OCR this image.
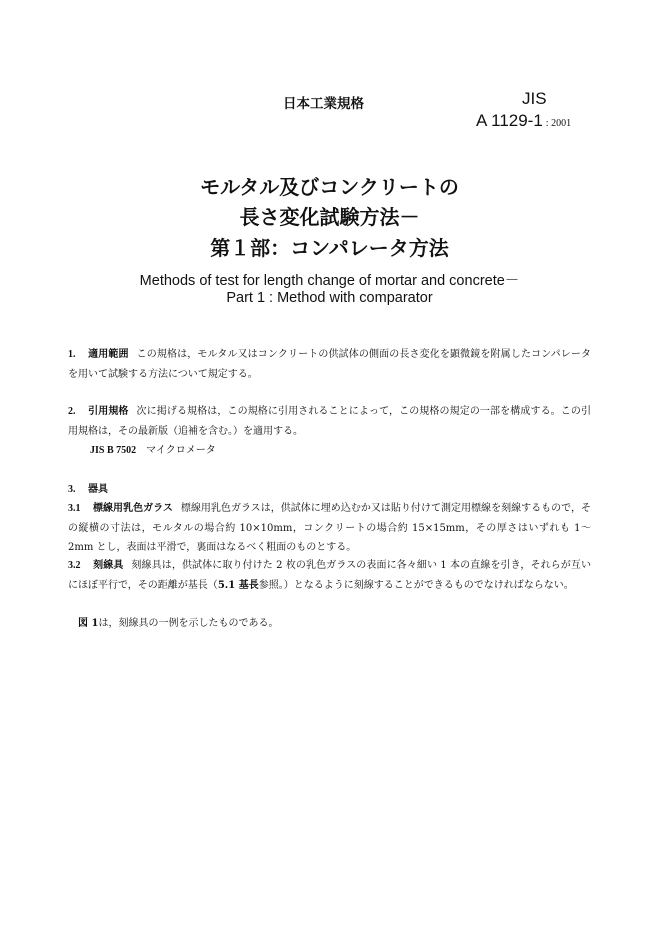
日本工業規格	JIS
A 1129-1 : 2001
モルタル及びコンクリートの
長さ変化試験方法－
第１部：コンパレータ方法
Methods of test for length change of mortar and concrete－
Part 1 : Method with comparator
1. 適用範囲 この規格は，モルタル又はコンクリートの供試体の側面の長さ変化を顕微鏡を附属したコンパレータを用いて試験する方法について規定する。
2. 引用規格 次に掲げる規格は，この規格に引用されることによって，この規格の規定の一部を構成する。この引用規格は，その最新版（追補を含む。）を適用する。
JIS B 7502 マイクロメータ
3. 器具
3.1 標線用乳色ガラス 標線用乳色ガラスは，供試体に埋め込むか又は貼り付けて測定用標線を刻線するもので，その縦横の寸法は，モルタルの場合約 10×10mm，コンクリートの場合約 15×15mm，その厚さはいずれも 1～2mm とし，表面は平滑で，裏面はなるべく粗面のものとする。
3.2 刻線具 刻線具は，供試体に取り付けた 2 枚の乳色ガラスの表面に各々細い 1 本の直線を引き，それらが互いにほぼ平行で，その距離が基長（5.1 基長参照。）となるように刻線することができるものでなければならない。
図 1は，刻線具の一例を示したものである。
